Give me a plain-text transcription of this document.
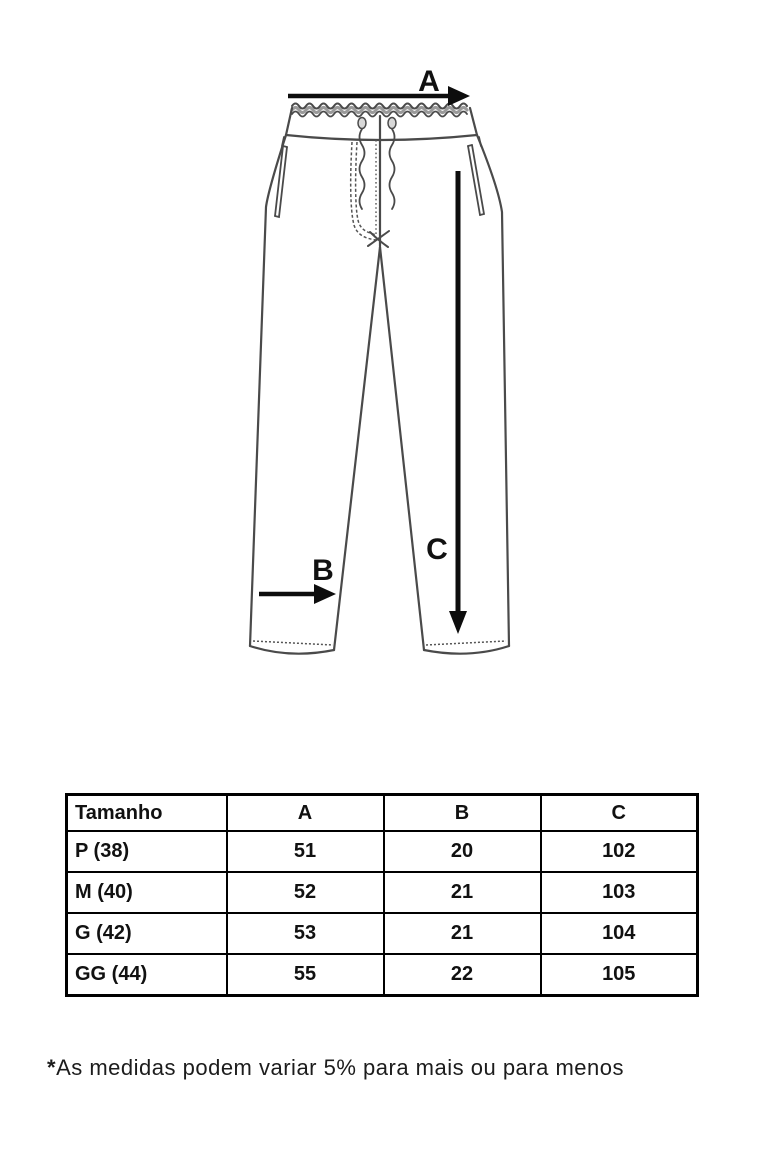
A
B
C
Tamanho	A	B	C
P (38)	51	20	102
M (40)	52	21	103
G (42)	53	21	104
GG (44)	55	22	105
*As medidas podem variar 5% para mais ou para menos
